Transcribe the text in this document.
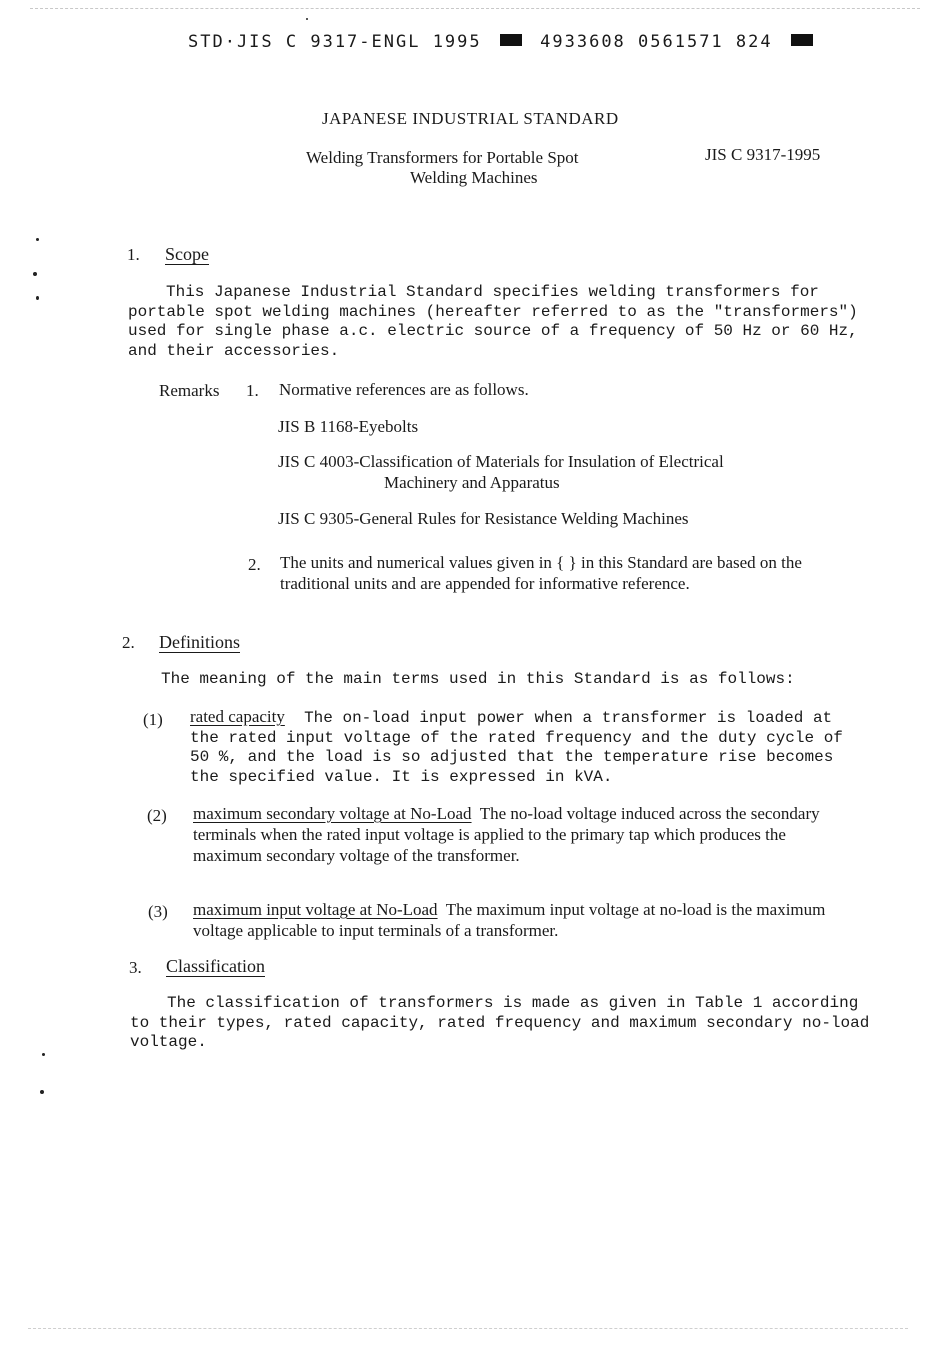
STD·JIS C 9317-ENGL 1995	4933608 0561571 824
JAPANESE INDUSTRIAL STANDARD
Welding Transformers for Portable Spot
Welding Machines
JIS C 9317-1995
1. Scope
This Japanese Industrial Standard specifies welding transformers for portable spot welding machines (hereafter referred to as the "transformers") used for single phase a.c. electric source of a frequency of 50 Hz or 60 Hz, and their accessories.
Remarks 1. Normative references are as follows.
JIS B 1168-Eyebolts
JIS C 4003-Classification of Materials for Insulation of Electrical
Machinery and Apparatus
JIS C 9305-General Rules for Resistance Welding Machines
2. The units and numerical values given in { } in this Standard are based on the traditional units and are appended for informative reference.
2. Definitions
The meaning of the main terms used in this Standard is as follows:
(1) rated capacity The on-load input power when a transformer is loaded at the rated input voltage of the rated frequency and the duty cycle of 50 %, and the load is so adjusted that the temperature rise becomes the specified value. It is expressed in kVA.
(2) maximum secondary voltage at No-Load The no-load voltage induced across the secondary terminals when the rated input voltage is applied to the primary tap which produces the maximum secondary voltage of the transformer.
(3) maximum input voltage at No-Load The maximum input voltage at no-load is the maximum voltage applicable to input terminals of a transformer.
3. Classification
The classification of transformers is made as given in Table 1 according to their types, rated capacity, rated frequency and maximum secondary no-load voltage.
